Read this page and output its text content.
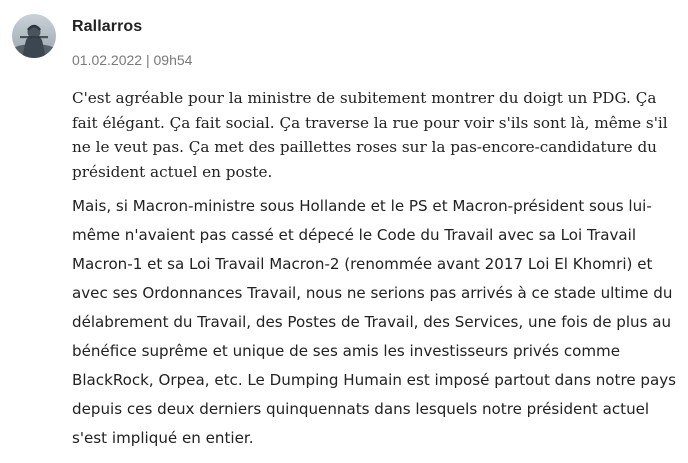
Rallarros
01.02.2022 | 09h54

C'est agréable pour la ministre de subitement montrer du doigt un PDG. Ça fait élégant. Ça fait social. Ça traverse la rue pour voir s'ils sont là, même s'il ne le veut pas. Ça met des paillettes roses sur la pas-encore-candidature du président actuel en poste.

Mais, si Macron-ministre sous Hollande et le PS et Macron-président sous lui-même n'avaient pas cassé et dépecé le Code du Travail avec sa Loi Travail Macron-1 et sa Loi Travail Macron-2 (renommée avant 2017 Loi El Khomri) et avec ses Ordonnances Travail, nous ne serions pas arrivés à ce stade ultime du délabrement du Travail, des Postes de Travail, des Services, une fois de plus au bénéfice suprême et unique de ses amis les investisseurs privés comme BlackRock, Orpea, etc. Le Dumping Humain est imposé partout dans notre pays depuis ces deux derniers quinquennats dans lesquels notre président actuel s'est impliqué en entier.
